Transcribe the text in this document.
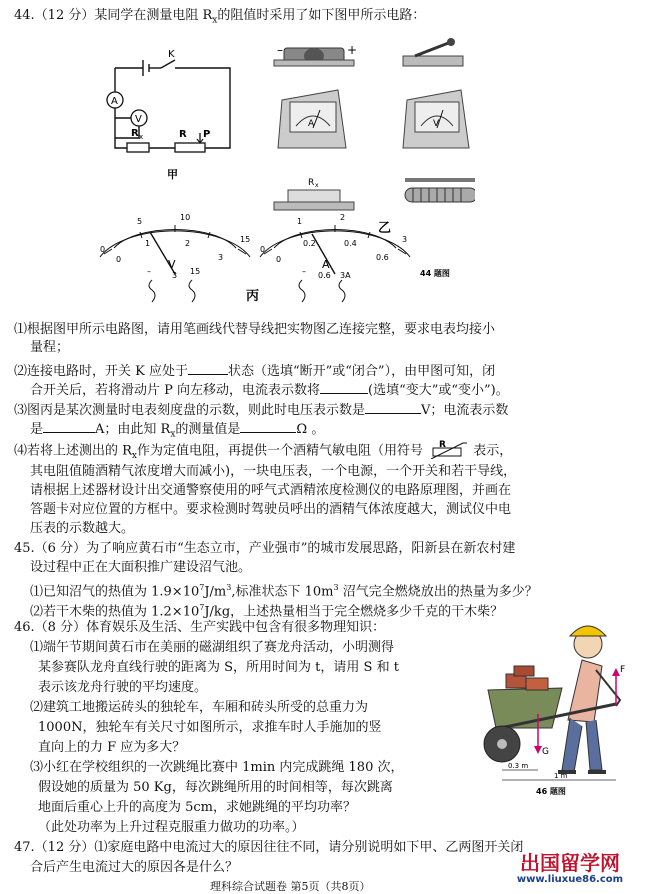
44.（12 分）某同学在测量电阻 $R_x$的阻值时采用了如下图甲所示电路：
A
V
R x	R P
K
甲
–	+
A
R x
V
0
5	10
15
0
1	2
3
V
–	3 15
丙
0
1	2
3
0
0.2	0.4
0.6
A
– 0.6 3A
乙
44 题图
⑴根据图甲所示电路图，请用笔画线代替导线把实物图乙连接完整，要求电表均接小
量程；
⑵连接电路时，开关 K 应处于	状态（选填“断开”或“闭合”），由甲图可知，闭
合开关后，若将滑动片 P 向左移动，电流表示数将	(选填“变大”或“变小”)。
⑶图丙是某次测量时电表刻度盘的示数，则此时电压表示数是	V；电流表示数
是	A；由此知 $R_x$的测量值是	Ω 。
⑷若将上述测出的 $R_x$作为定值电阻，再提供一个酒精气敏电阻（用符号 R 表示，
其电阻值随酒精气浓度增大而减小)，一块电压表，一个电源，一个开关和若干导线，
请根据上述器材设计出交通警察使用的呼气式酒精浓度检测仪的电路原理图，并画在
答题卡对应位置的方框中。要求检测时驾驶员呼出的酒精气体浓度越大，测试仪中电
压表的示数越大。
45.（6 分）为了响应黄石市“生态立市，产业强市”的城市发展思路，阳新县在新农村建
设过程中正在大面积推广建设沼气池。
⑴已知沼气的热值为 $1.9\times 10^7J/m^3$,标准状态下 $10m^3$ 沼气完全燃烧放出的热量为多少？
⑵若干木柴的热值为 $1.2\times 10^7J/kg$，上述热量相当于完全燃烧多少千克的干木柴？
46.（8 分）体育娱乐及生活、生产实践中包含有很多物理知识：
⑴端午节期间黄石市在美丽的磁湖组织了赛龙舟活动，小明测得
某参赛队龙舟直线行驶的距离为 S，所用时间为 t，请用 S 和 t
表示该龙舟行驶的平均速度。
⑵建筑工地搬运砖头的独轮车，车厢和砖头所受的总重力为
1000N，独轮车有关尺寸如图所示，求推车时人手施加的竖
直向上的力 F 应为多大？
⑶小红在学校组织的一次跳绳比赛中 1min 内完成跳绳 180 次，
假设她的质量为 50 Kg，每次跳绳所用的时间相等，每次跳离
地面后重心上升的高度为 5cm，求她跳绳的平均功率？
（此处功率为上升过程克服重力做功的功率。）
G
F
0.3 m
1 m
46 题图
47.（12 分）⑴家庭电路中电流过大的原因往往不同，请分别说明如下甲、乙两图开关闭
合后产生电流过大的原因各是什么？
理科综合试题卷 第5页（共8页）
出国留学网
www.liuxue86.com
